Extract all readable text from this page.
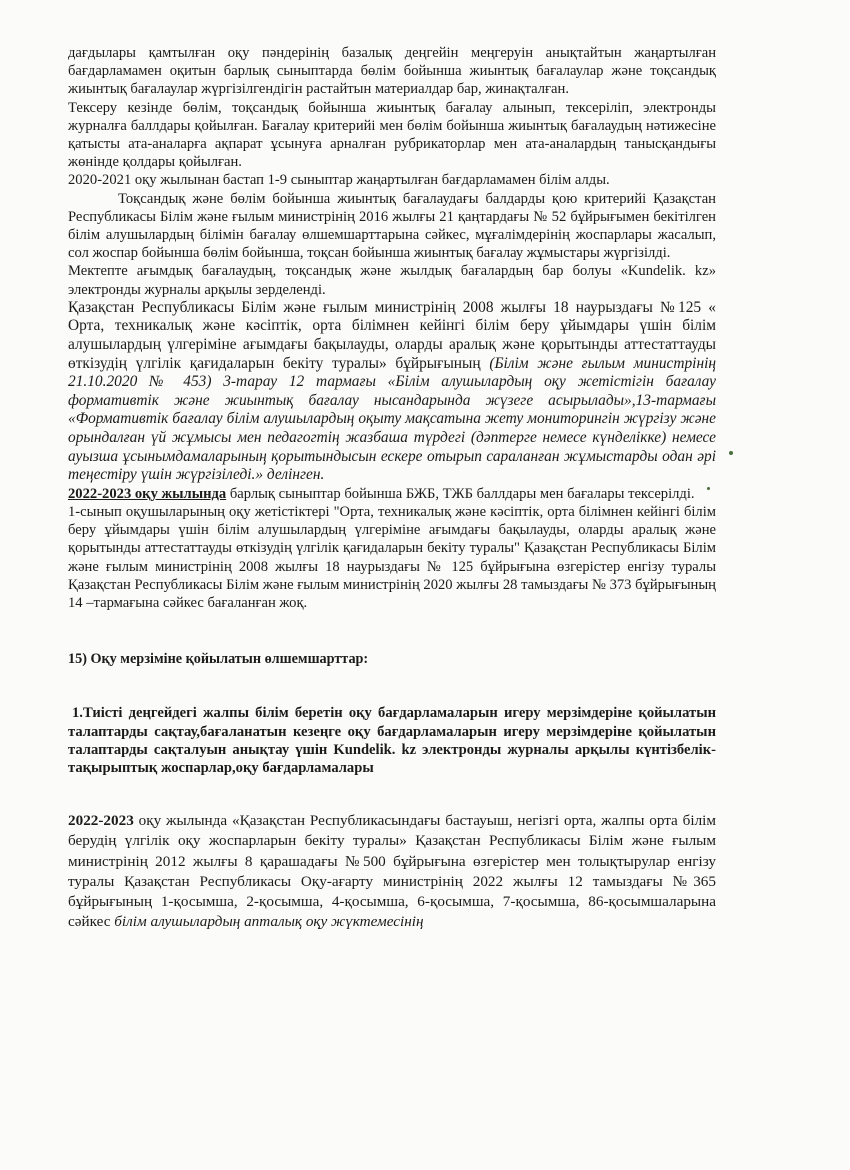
дағдылары қамтылған оқу пәндерінің базалық деңгейін меңгеруін анықтайтын жаңартылған бағдарламамен оқитын барлық сыныптарда бөлім бойынша жиынтық бағалаулар және тоқсандық жиынтық бағалаулар жүргізілгендігін растайтын материалдар бар, жинақталған.

Тексеру кезінде бөлім, тоқсандық бойынша жиынтық бағалау алынып, тексеріліп, электронды журналға баллдары қойылған. Бағалау критерийі мен бөлім бойынша жиынтық бағалаудың нәтижесіне қатысты ата-аналарға ақпарат ұсынуға арналған рубрикаторлар мен ата-аналардың танысқандығы жөнінде қолдары қойылған.

2020-2021 оқу жылынан бастап 1-9 сыныптар жаңартылған бағдарламамен білім алды.

Тоқсандық және бөлім бойынша жиынтық бағалаудағы балдарды қою критерийі Қазақстан Республикасы Білім және ғылым министрінің 2016 жылғы 21 қаңтардағы № 52 бұйрығымен бекітілген білім алушылардың білімін бағалау өлшемшарттарына сәйкес, мұғалімдерінің жоспарлары жасалып, сол жоспар бойынша бөлім бойынша, тоқсан бойынша жиынтық бағалау жұмыстары жүргізілді.

Мектепте ағымдық бағалаудың, тоқсандық және жылдық бағалардың бар болуы «Kundelik. kz» электронды журналы арқылы зерделенді.

Қазақстан Республикасы Білім және ғылым министрінің 2008 жылғы 18 наурыздағы №125 « Орта, техникалық және кәсіптік, орта білімнен кейінгі білім беру ұйымдары үшін білім алушылардың үлгеріміне ағымдағы бақылауды, оларды аралық және қорытынды аттестаттауды өткізудің үлгілік қағидаларын бекіту туралы» бұйрығының (Білім және ғылым министрінің 21.10.2020 № 453) 3-тарау 12 тармағы «Білім алушылардың оқу жетістігін бағалау формативтік және жиынтық бағалау нысандарында жүзеге асырылады»,13-тармағы «Формативтік бағалау білім алушылардың оқыту мақсатына жету мониторингін жүргізу және орындалған үй жұмысы мен педагогтің жазбаша түрдегі (дәптерге немесе күнделікке) немесе ауызша ұсынымдамаларының қорытындысын ескере отырып сараланған жұмыстарды одан әрі теңестіру үшін жүргізіледі.» делінген.

2022-2023 оқу жылында барлық сыныптар бойынша БЖБ, ТЖБ баллдары мен бағалары тексерілді.

1-сынып оқушыларының оқу жетістіктері "Орта, техникалық және кәсіптік, орта білімнен кейінгі білім беру ұйымдары үшін білім алушылардың үлгеріміне ағымдағы бақылауды, оларды аралық және қорытынды аттестаттауды өткізудің үлгілік қағидаларын бекіту туралы" Қазақстан Республикасы Білім және ғылым министрінің 2008 жылғы 18 наурыздағы № 125 бұйрығына өзгерістер енгізу туралы Қазақстан Республикасы Білім және ғылым министрінің 2020 жылғы 28 тамыздағы № 373 бұйрығының 14 –тармағына сәйкес бағаланған жоқ.

15) Оқу мерзіміне қойылатын өлшемшарттар:

1.Тиісті деңгейдегі жалпы білім беретін оқу бағдарламаларын игеру мерзімдеріне қойылатын талаптарды сақтау,бағаланатын кезеңге оқу бағдарламаларын игеру мерзімдеріне қойылатын талаптарды сақталуын анықтау үшін Kundelik. kz электронды журналы арқылы күнтізбелік-тақырыптық жоспарлар,оқу бағдарламалары

2022-2023 оқу жылында «Қазақстан Республикасындағы бастауыш, негізгі орта, жалпы орта білім берудің үлгілік оқу жоспарларын бекіту туралы» Қазақстан Республикасы Білім және ғылым министрінің 2012 жылғы 8 қарашадағы №500 бұйрығына өзгерістер мен толықтырулар енгізу туралы Қазақстан Республикасы Оқу-ағарту министрінің 2022 жылғы 12 тамыздағы №365 бұйрығының 1-қосымша, 2-қосымша, 4-қосымша, 6-қосымша, 7-қосымша, 86-қосымшаларына сәйкес білім алушылардың апталық оқу жүктемесінің
